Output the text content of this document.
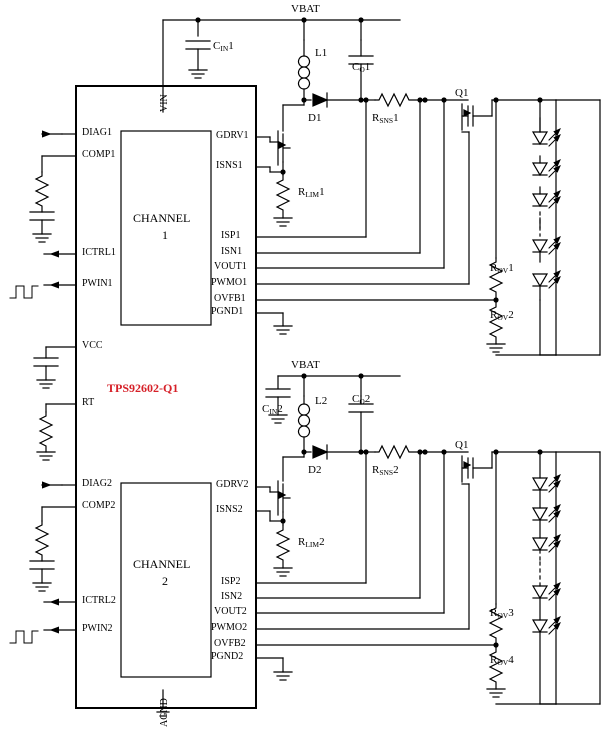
VBAT
VBAT
VIN
AGND
TPS92602-Q1
CHANNEL
1
CHANNEL
2
DIAG1
COMP1
ICTRL1
PWIN1
VCC
RT
DIAG2
COMP2
ICTRL2
PWIN2
GDRV1
ISNS1
ISP1
ISN1
VOUT1
PWMO1
OVFB1
PGND1
GDRV2
ISNS2
ISP2
ISN2
VOUT2
PWMO2
OVFB2
PGND2
$C_{IN}1$
L1
$C_O1$
D1	$R_{SNS}1$
Q1
$R_{LIM}1$
$R_{OV}1$
$R_{OV}2$
$C_{IN}2$
L2 $C_O2$
D2	$R_{SNS}2$
Q1
$R_{LIM}2$
$R_{OV}3$
$R_{OV}4$
